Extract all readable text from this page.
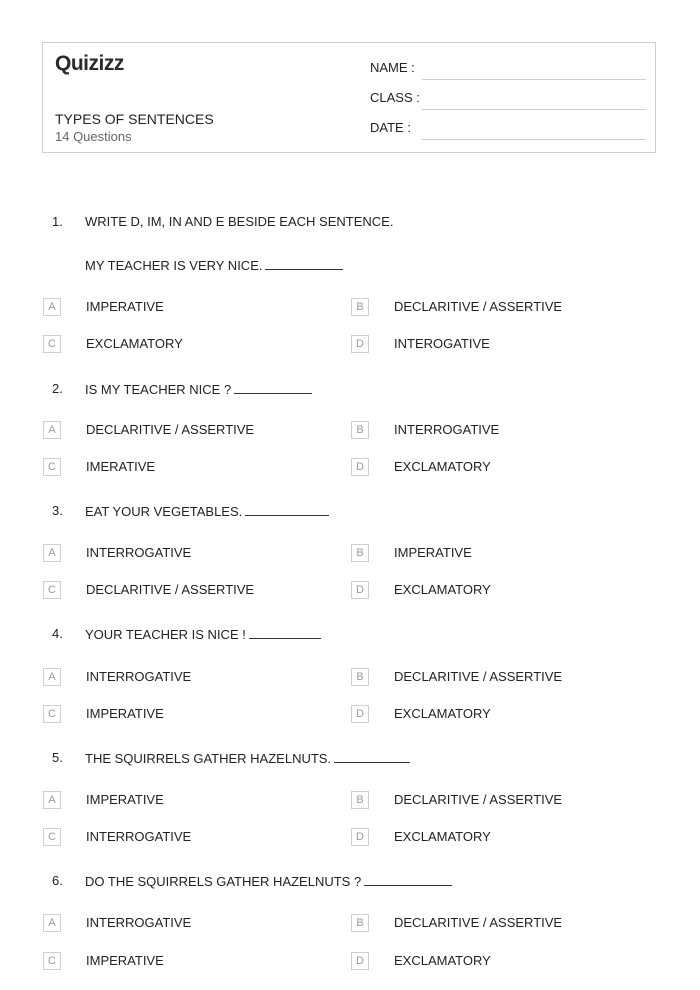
Quizizz
TYPES OF SENTENCES
14 Questions
NAME :
CLASS :
DATE :
1. WRITE D, IM, IN AND E BESIDE EACH SENTENCE.
MY TEACHER IS VERY NICE.
A	IMPERATIVE	B	DECLARITIVE / ASSERTIVE
C	EXCLAMATORY	D	INTEROGATIVE
2. IS MY TEACHER NICE ?
A	DECLARITIVE / ASSERTIVE	B	INTERROGATIVE
C	IMERATIVE	D	EXCLAMATORY
3. EAT YOUR VEGETABLES.
A	INTERROGATIVE	B	IMPERATIVE
C	DECLARITIVE / ASSERTIVE	D	EXCLAMATORY
4. YOUR TEACHER IS NICE !
A	INTERROGATIVE	B	DECLARITIVE / ASSERTIVE
C	IMPERATIVE	D	EXCLAMATORY
5. THE SQUIRRELS GATHER HAZELNUTS.
A	IMPERATIVE	B	DECLARITIVE / ASSERTIVE
C	INTERROGATIVE	D	EXCLAMATORY
6. DO THE SQUIRRELS GATHER HAZELNUTS ?
A	INTERROGATIVE	B	DECLARITIVE / ASSERTIVE
C	IMPERATIVE	D	EXCLAMATORY
